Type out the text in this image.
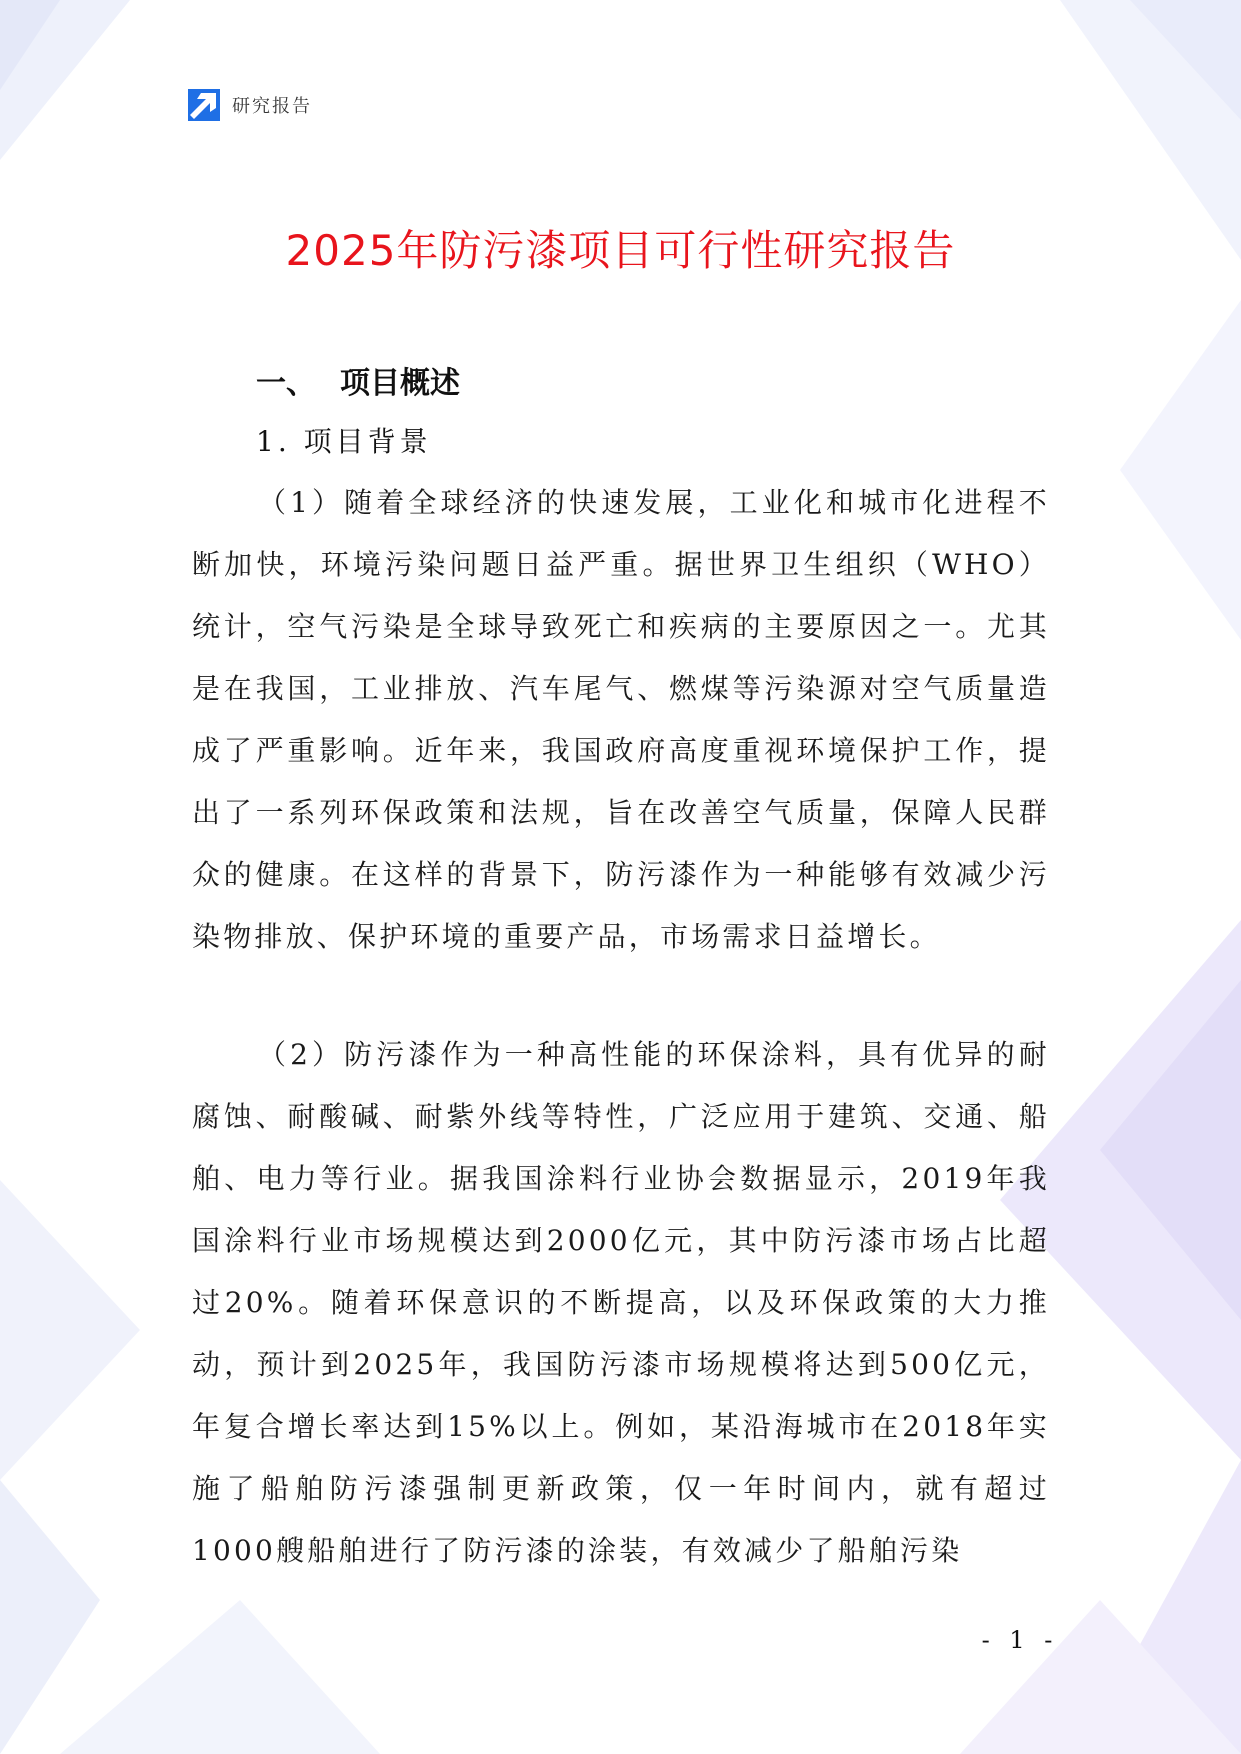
研究报告
2025年防污漆项目可行性研究报告
一、 项目概述
1. 项目背景

（1）随着全球经济的快速发展，工业化和城市化进程不断加快，环境污染问题日益严重。据世界卫生组织（WHO）统计，空气污染是全球导致死亡和疾病的主要原因之一。尤其是在我国，工业排放、汽车尾气、燃煤等污染源对空气质量造成了严重影响。近年来，我国政府高度重视环境保护工作，提出了一系列环保政策和法规，旨在改善空气质量，保障人民群众的健康。在这样的背景下，防污漆作为一种能够有效减少污染物排放、保护环境的重要产品，市场需求日益增长。

（2）防污漆作为一种高性能的环保涂料，具有优异的耐腐蚀、耐酸碱、耐紫外线等特性，广泛应用于建筑、交通、船舶、电力等行业。据我国涂料行业协会数据显示，2019年我国涂料行业市场规模达到2000亿元，其中防污漆市场占比超过20%。随着环保意识的不断提高，以及环保政策的大力推动，预计到2025年，我国防污漆市场规模将达到500亿元，年复合增长率达到15%以上。例如，某沿海城市在2018年实施了船舶防污漆强制更新政策，仅一年时间内，就有超过1000艘船舶进行了防污漆的涂装，有效减少了船舶污染

- 1 -
